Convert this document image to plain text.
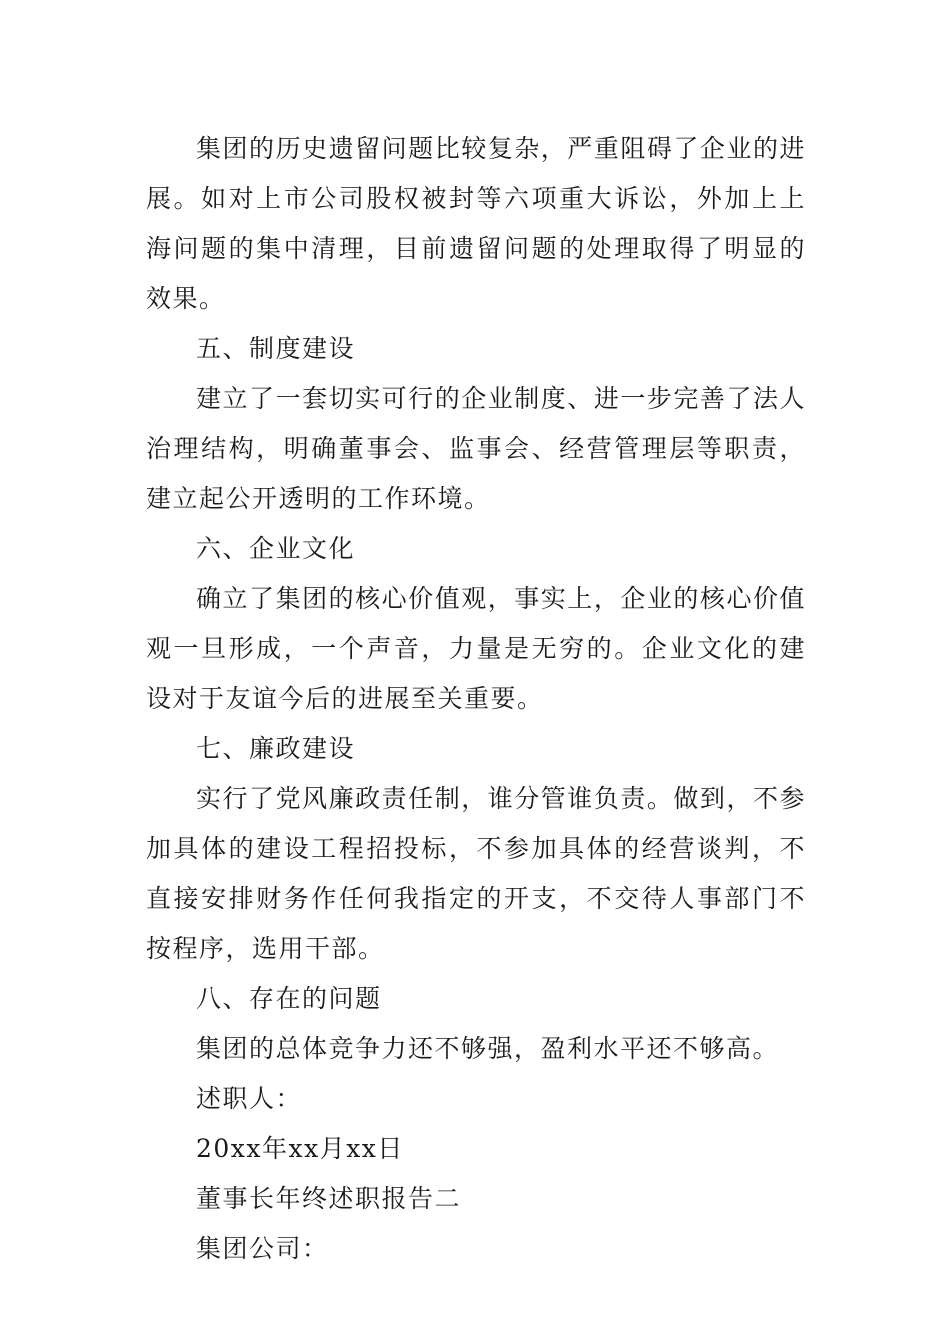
集团的历史遗留问题比较复杂，严重阻碍了企业的进展。如对上市公司股权被封等六项重大诉讼，外加上上海问题的集中清理，目前遗留问题的处理取得了明显的效果。

五、制度建设

建立了一套切实可行的企业制度、进一步完善了法人治理结构，明确董事会、监事会、经营管理层等职责，建立起公开透明的工作环境。

六、企业文化

确立了集团的核心价值观，事实上，企业的核心价值观一旦形成，一个声音，力量是无穷的。企业文化的建设对于友谊今后的进展至关重要。

七、廉政建设

实行了党风廉政责任制，谁分管谁负责。做到，不参加具体的建设工程招投标，不参加具体的经营谈判，不直接安排财务作任何我指定的开支，不交待人事部门不按程序，选用干部。

八、存在的问题

集团的总体竞争力还不够强，盈利水平还不够高。

述职人：

20xx年xx月xx日

董事长年终述职报告二

集团公司：
